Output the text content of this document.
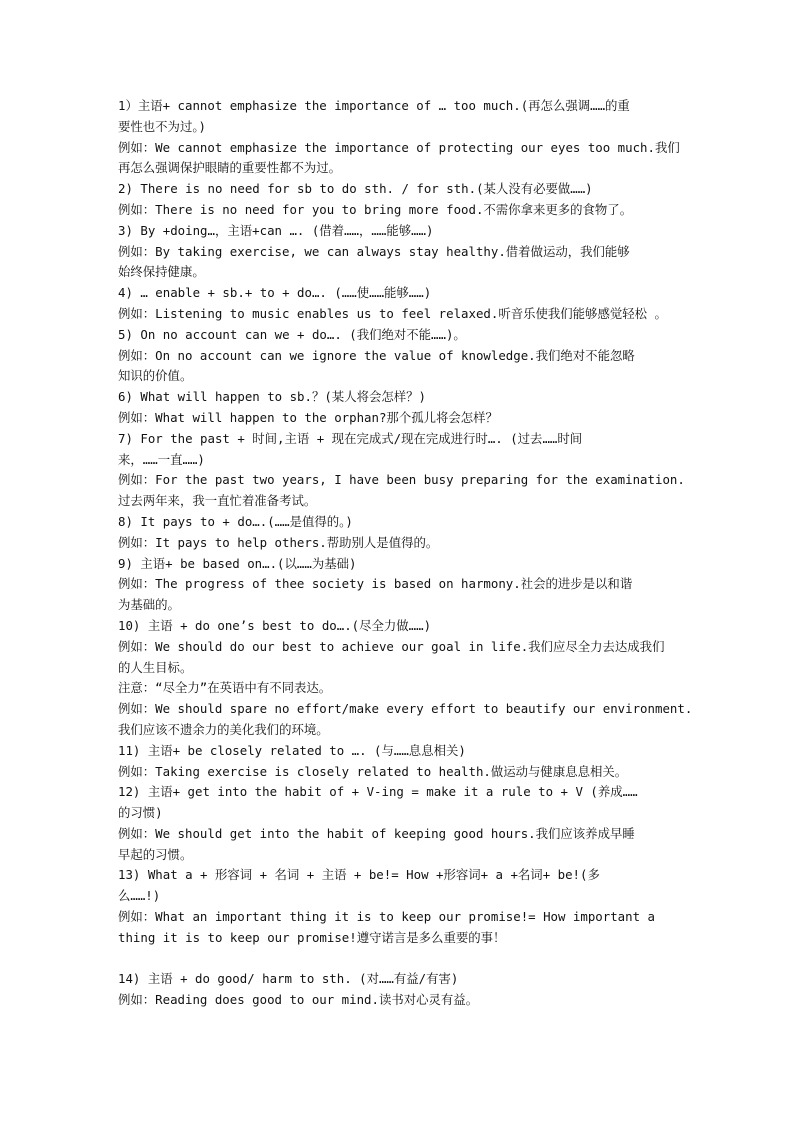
1）主语+ cannot emphasize the importance of … too much.(再怎么强调……的重
要性也不为过。)
例如：We cannot emphasize the importance of protecting our eyes too much.我们
再怎么强调保护眼睛的重要性都不为过。
2) There is no need for sb to do sth. / for sth.(某人没有必要做……)
例如：There is no need for you to bring more food.不需你拿来更多的食物了。
3) By +doing…，主语+can …. (借着……，……能够……)
例如：By taking exercise, we can always stay healthy.借着做运动，我们能够
始终保持健康。
4) … enable + sb.+ to + do…. (……使……能够……)
例如：Listening to music enables us to feel relaxed.听音乐使我们能够感觉轻松 。
5) On no account can we + do…. (我们绝对不能……)。
例如：On no account can we ignore the value of knowledge.我们绝对不能忽略
知识的价值。
6) What will happen to sb.？(某人将会怎样？)
例如：What will happen to the orphan?那个孤儿将会怎样？
7) For the past + 时间,主语 + 现在完成式/现在完成进行时…. (过去……时间
来，……一直……)
例如：For the past two years, I have been busy preparing for the examination.
过去两年来，我一直忙着准备考试。
8) It pays to + do….(……是值得的。)
例如：It pays to help others.帮助别人是值得的。
9) 主语+ be based on….(以……为基础)
例如：The progress of thee society is based on harmony.社会的进步是以和谐
为基础的。
10) 主语 + do one’s best to do….(尽全力做……)
例如：We should do our best to achieve our goal in life.我们应尽全力去达成我们
的人生目标。
注意：“尽全力”在英语中有不同表达。
例如：We should spare no effort/make every effort to beautify our environment.
我们应该不遗余力的美化我们的环境。
11) 主语+ be closely related to …. (与……息息相关)
例如：Taking exercise is closely related to health.做运动与健康息息相关。
12) 主语+ get into the habit of + V-ing = make it a rule to + V (养成……
的习惯)
例如：We should get into the habit of keeping good hours.我们应该养成早睡
早起的习惯。
13) What a + 形容词 + 名词 + 主语 + be!= How +形容词+ a +名词+ be!(多
么……!)
例如：What an important thing it is to keep our promise!= How important a
thing it is to keep our promise!遵守诺言是多么重要的事！
14) 主语 + do good/ harm to sth. (对……有益/有害)
例如：Reading does good to our mind.读书对心灵有益。
